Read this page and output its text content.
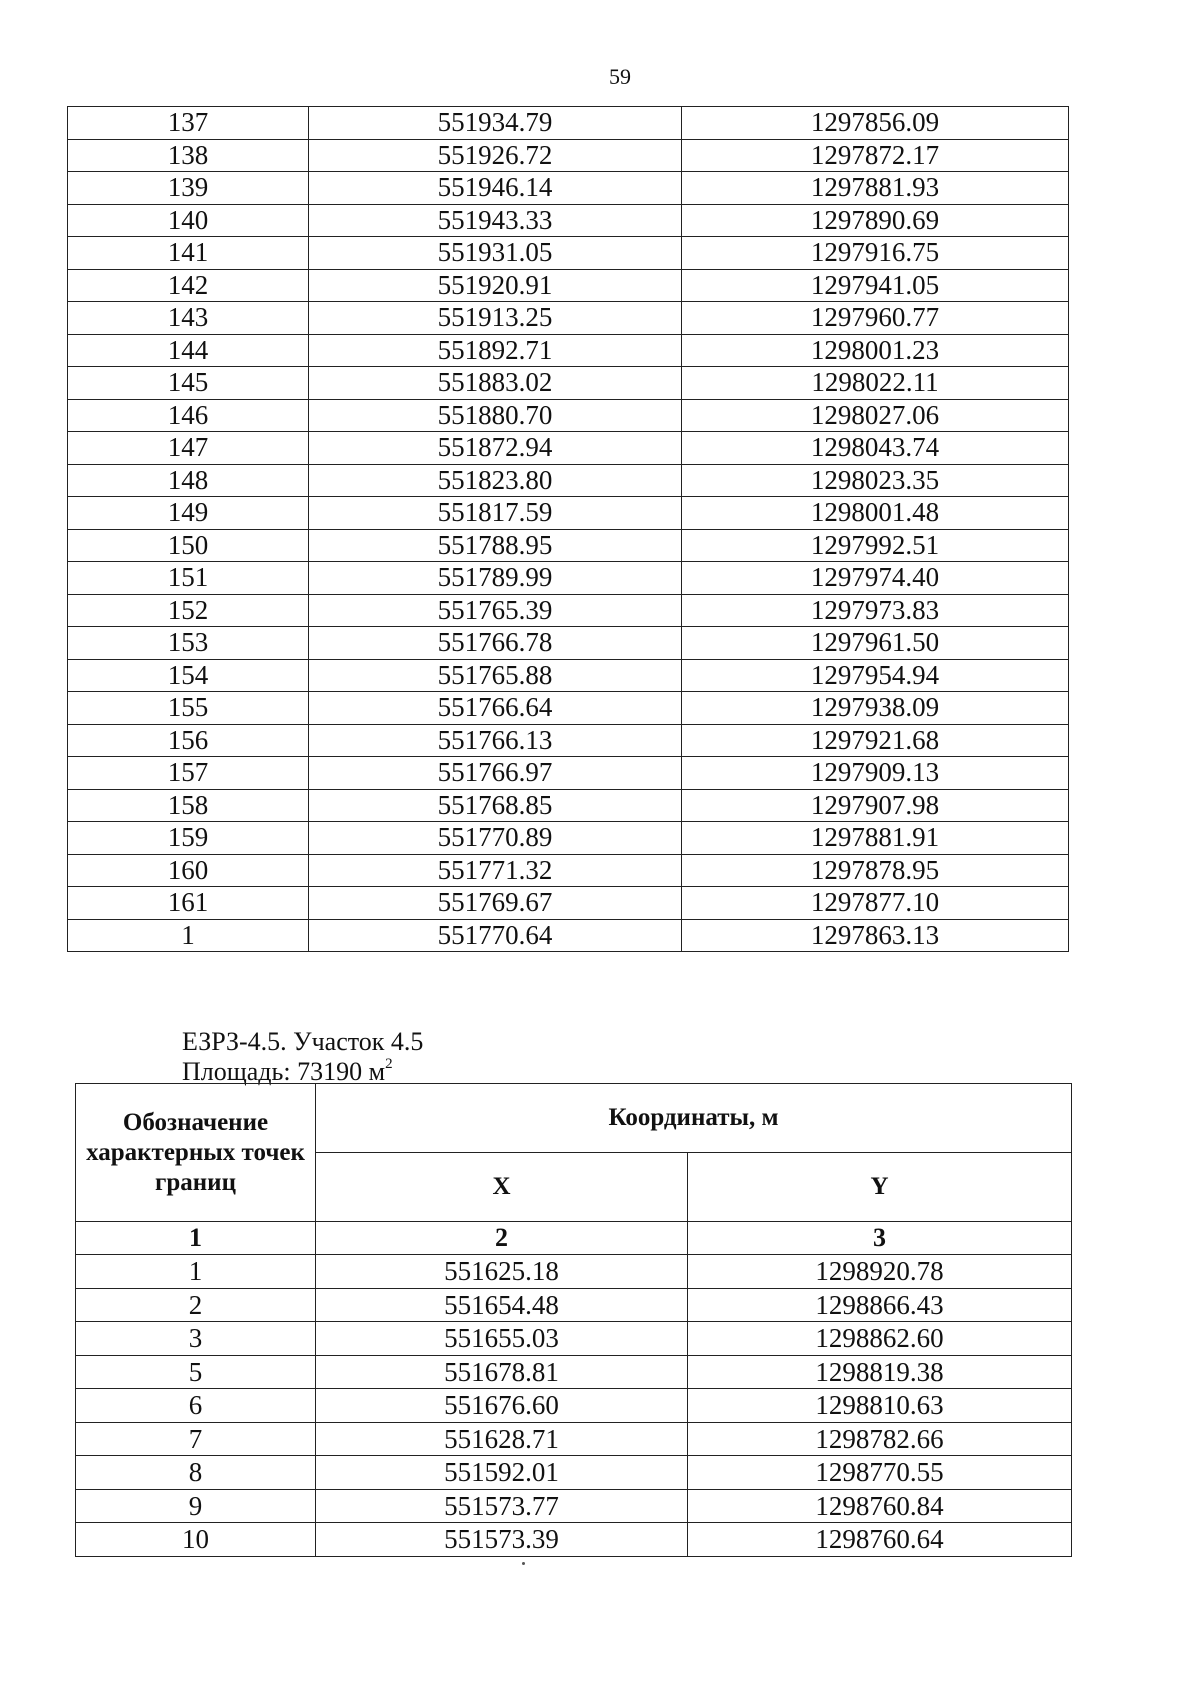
59
137	551934.79	1297856.09
138	551926.72	1297872.17
139	551946.14	1297881.93
140	551943.33	1297890.69
141	551931.05	1297916.75
142	551920.91	1297941.05
143	551913.25	1297960.77
144	551892.71	1298001.23
145	551883.02	1298022.11
146	551880.70	1298027.06
147	551872.94	1298043.74
148	551823.80	1298023.35
149	551817.59	1298001.48
150	551788.95	1297992.51
151	551789.99	1297974.40
152	551765.39	1297973.83
153	551766.78	1297961.50
154	551765.88	1297954.94
155	551766.64	1297938.09
156	551766.13	1297921.68
157	551766.97	1297909.13
158	551768.85	1297907.98
159	551770.89	1297881.91
160	551771.32	1297878.95
161	551769.67	1297877.10
1	551770.64	1297863.13
ЕЗРЗ-4.5. Участок 4.5
Площадь: 73190 $м^2$
Обозначение характерных точек границ	Координаты, м	
	X	Y
1	2	3
1	551625.18	1298920.78
2	551654.48	1298866.43
3	551655.03	1298862.60
5	551678.81	1298819.38
6	551676.60	1298810.63
7	551628.71	1298782.66
8	551592.01	1298770.55
9	551573.77	1298760.84
10	551573.39	1298760.64
